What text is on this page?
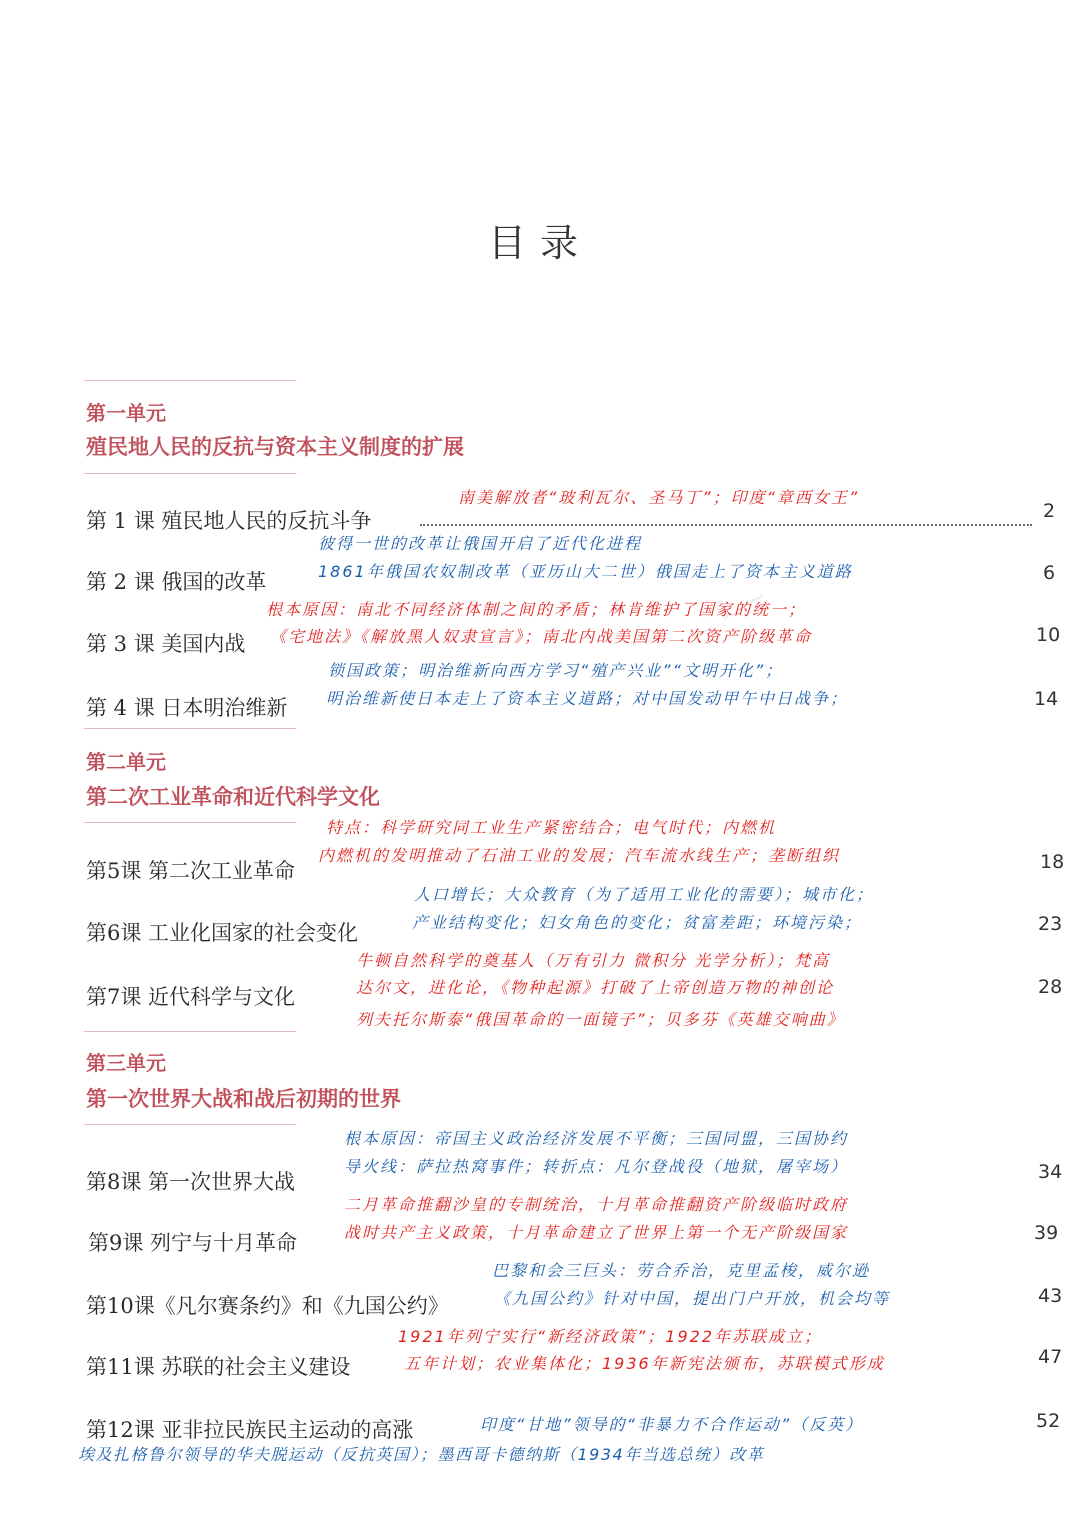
目录
~ ~ ~
第一单元
殖民地人民的反抗与资本主义制度的扩展
南美解放者“玻利瓦尔、圣马丁”；印度“章西女王”
第 1 课 殖民地人民的反抗斗争	2
彼得一世的改革让俄国开启了近代化进程
1861年俄国农奴制改革（亚历山大二世）俄国走上了资本主义道路
第 2 课 俄国的改革	6
根本原因：南北不同经济体制之间的矛盾；林肯维护了国家的统一；
《宅地法》《解放黑人奴隶宣言》；南北内战美国第二次资产阶级革命
第 3 课 美国内战	10
锁国政策；明治维新向西方学习“殖产兴业”“文明开化”；
明治维新使日本走上了资本主义道路；对中国发动甲午中日战争；
第 4 课 日本明治维新	14
第二单元
第二次工业革命和近代科学文化
特点：科学研究同工业生产紧密结合；电气时代；内燃机
内燃机的发明推动了石油工业的发展；汽车流水线生产；垄断组织
第5课 第二次工业革命	18
人口增长；大众教育（为了适用工业化的需要）；城市化；
产业结构变化；妇女角色的变化；贫富差距；环境污染；
第6课 工业化国家的社会变化	23
牛顿自然科学的奠基人（万有引力 微积分 光学分析）；梵高
达尔文，进化论，《物种起源》打破了上帝创造万物的神创论
列夫托尔斯泰“俄国革命的一面镜子”；贝多芬《英雄交响曲》
第7课 近代科学与文化	28
第三单元
第一次世界大战和战后初期的世界
根本原因：帝国主义政治经济发展不平衡；三国同盟，三国协约
导火线：萨拉热窝事件；转折点：凡尔登战役（地狱，屠宰场）
第8课 第一次世界大战	34
二月革命推翻沙皇的专制统治，十月革命推翻资产阶级临时政府
战时共产主义政策，十月革命建立了世界上第一个无产阶级国家
第9课 列宁与十月革命	39
巴黎和会三巨头：劳合乔治，克里孟梭，威尔逊
《九国公约》针对中国，提出门户开放，机会均等
第10课《凡尔赛条约》和《九国公约》	43
1921年列宁实行“新经济政策”；1922年苏联成立；
五年计划；农业集体化；1936年新宪法颁布，苏联模式形成
第11课 苏联的社会主义建设	47
印度“甘地”领导的“非暴力不合作运动”（反英）
第12课 亚非拉民族民主运动的高涨	52
埃及扎格鲁尔领导的华夫脱运动（反抗英国）；墨西哥卡德纳斯（1934年当选总统）改革
